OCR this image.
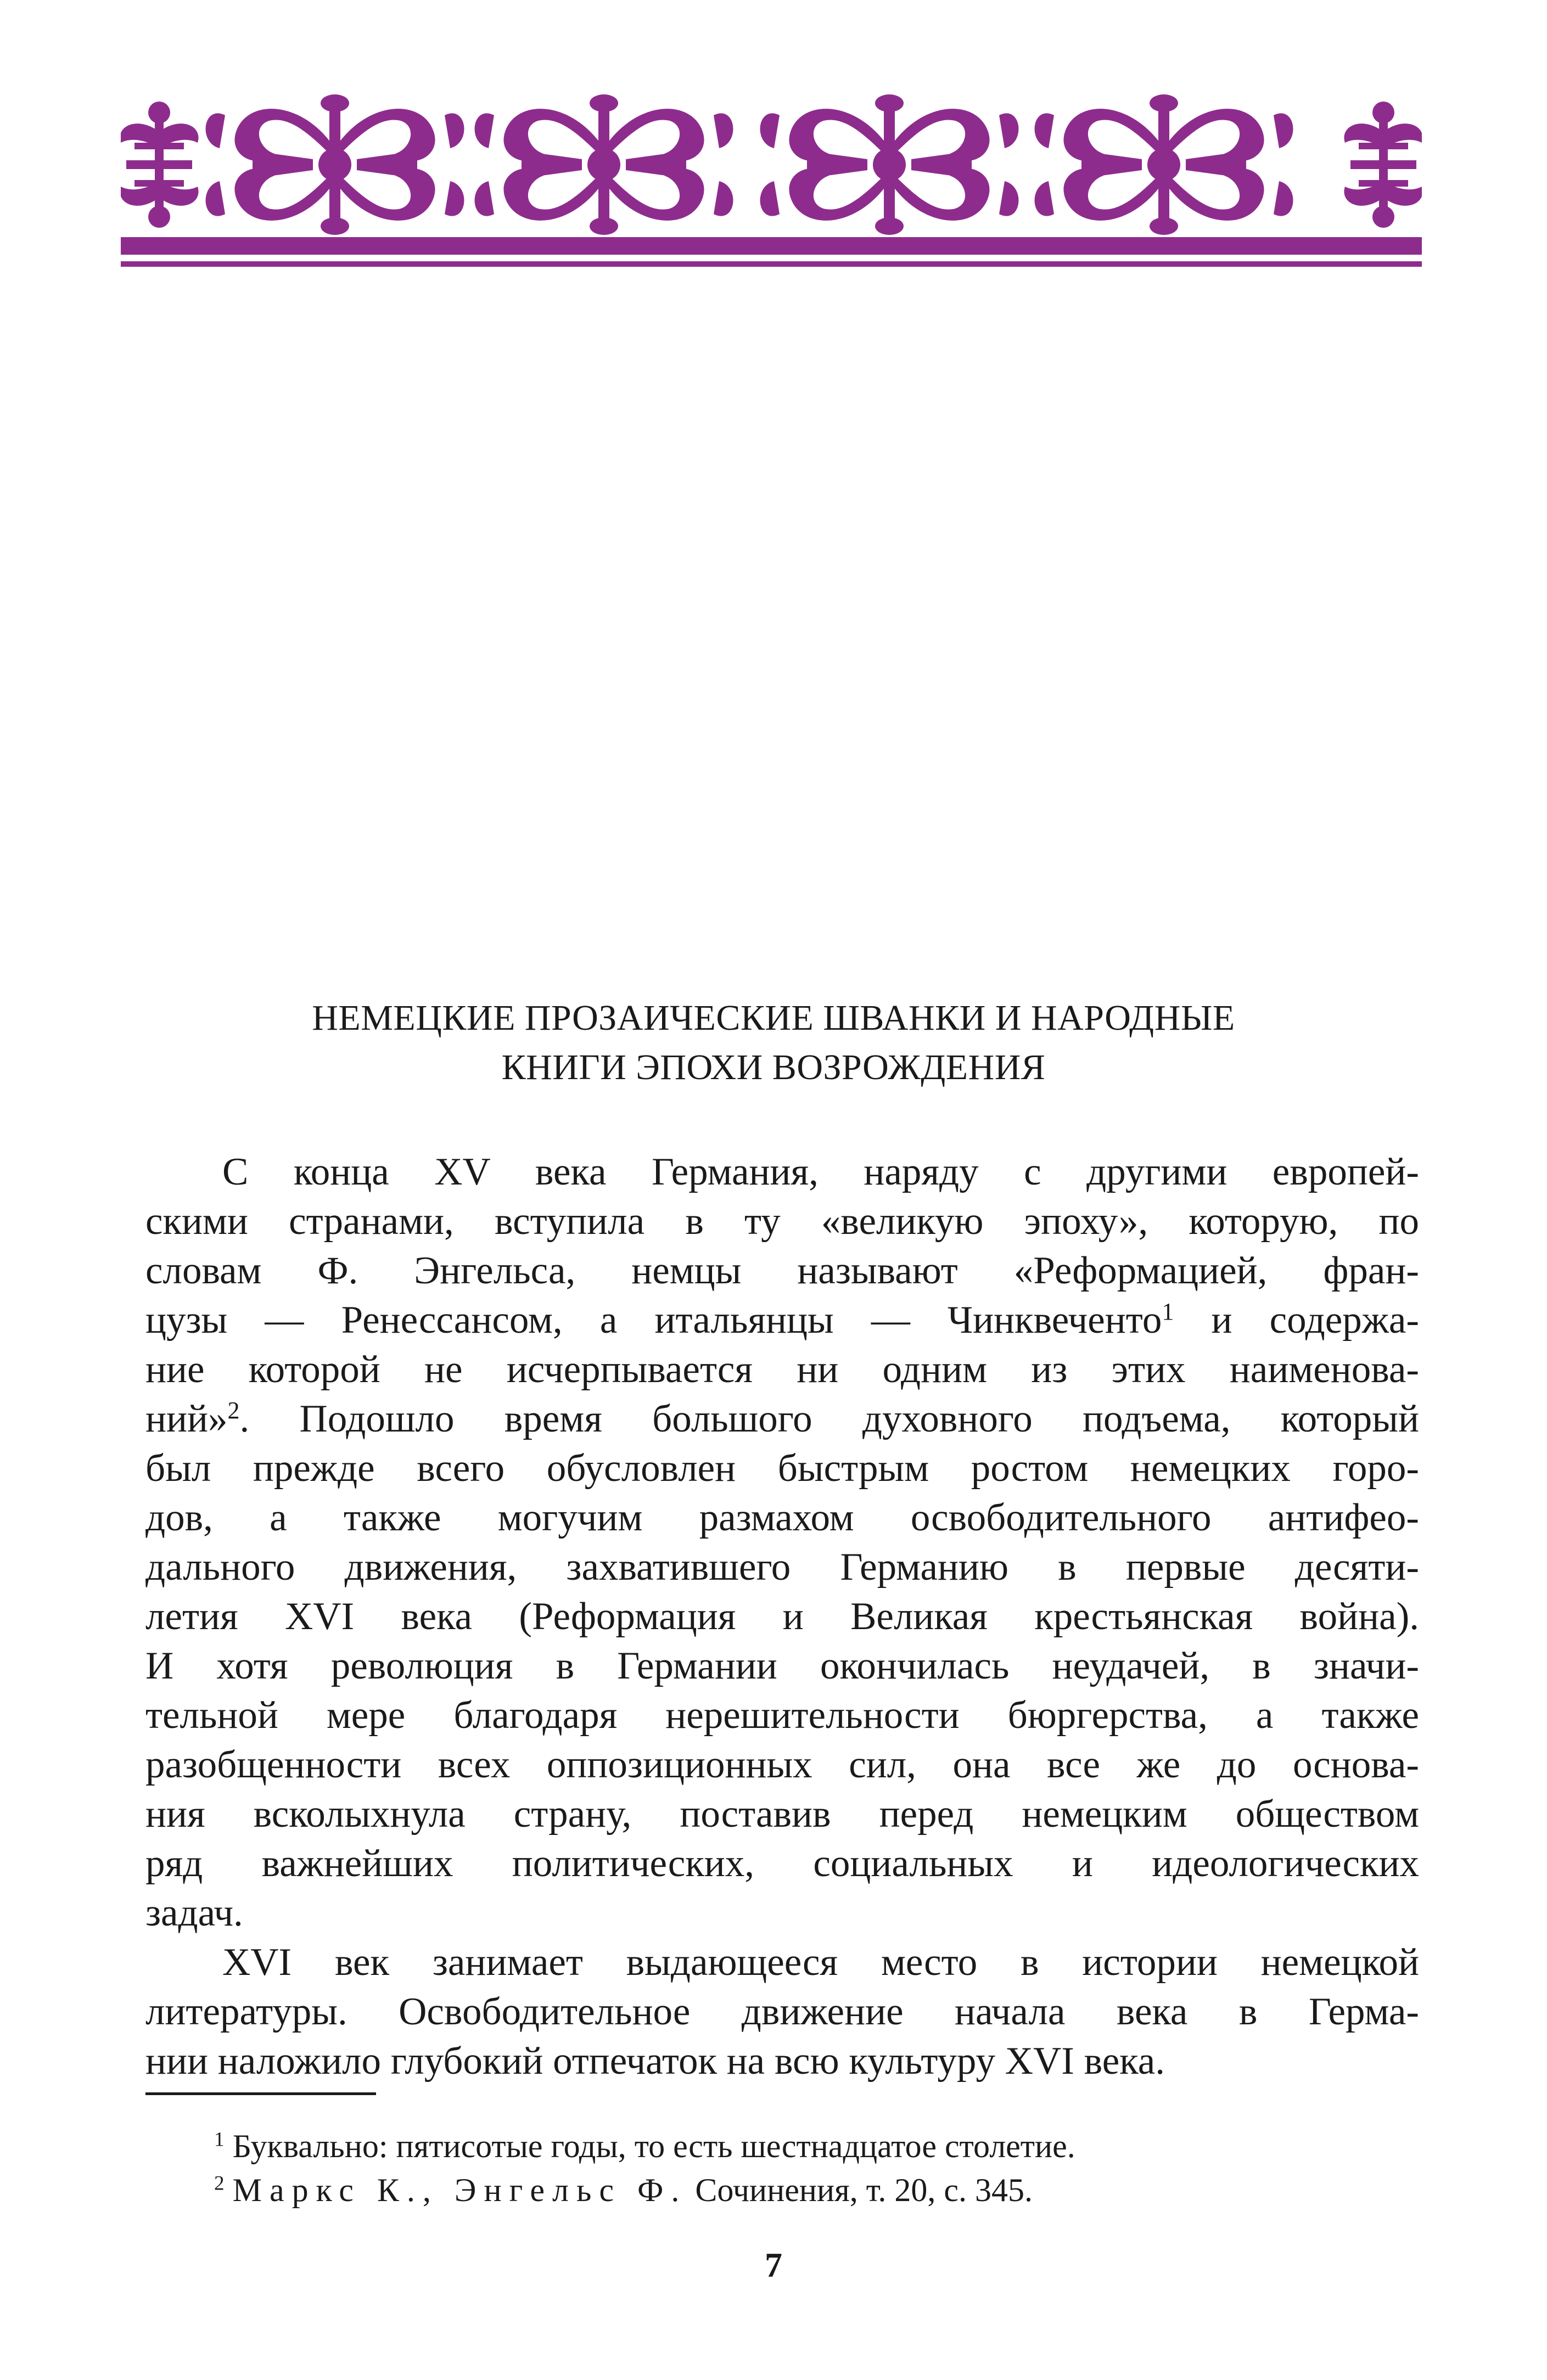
НЕМЕЦКИЕ ПРОЗАИЧЕСКИЕ ШВАНКИ И НАРОДНЫЕ
КНИГИ ЭПОХИ ВОЗРОЖДЕНИЯ
С конца XV века Германия, наряду с другими европей-
скими странами, вступила в ту «великую эпоху», которую, по
словам Ф. Энгельса, немцы называют «Реформацией, фран-
цузы — Ренессансом, а итальянцы — Чинквеченто$^1$ и содержа-
ние которой не исчерпывается ни одним из этих наименова-
ний»$^2$. Подошло время большого духовного подъема, который
был прежде всего обусловлен быстрым ростом немецких горо-
дов, а также могучим размахом освободительного антифео-
дального движения, захватившего Германию в первые десяти-
летия XVI века (Реформация и Великая крестьянская война).
И хотя революция в Германии окончилась неудачей, в значи-
тельной мере благодаря нерешительности бюргерства, а также
разобщенности всех оппозиционных сил, она все же до основа-
ния всколыхнула страну, поставив перед немецким обществом
ряд важнейших политических, социальных и идеологических
задач.
XVI век занимает выдающееся место в истории немецкой
литературы. Освободительное движение начала века в Герма-
нии наложило глубокий отпечаток на всю культуру XVI века.
$^1$ Буквально: пятисотые годы, то есть шестнадцатое столетие.
$^2$ Маркс К., Энгельс Ф. Сочинения, т. 20, с. 345.
7
